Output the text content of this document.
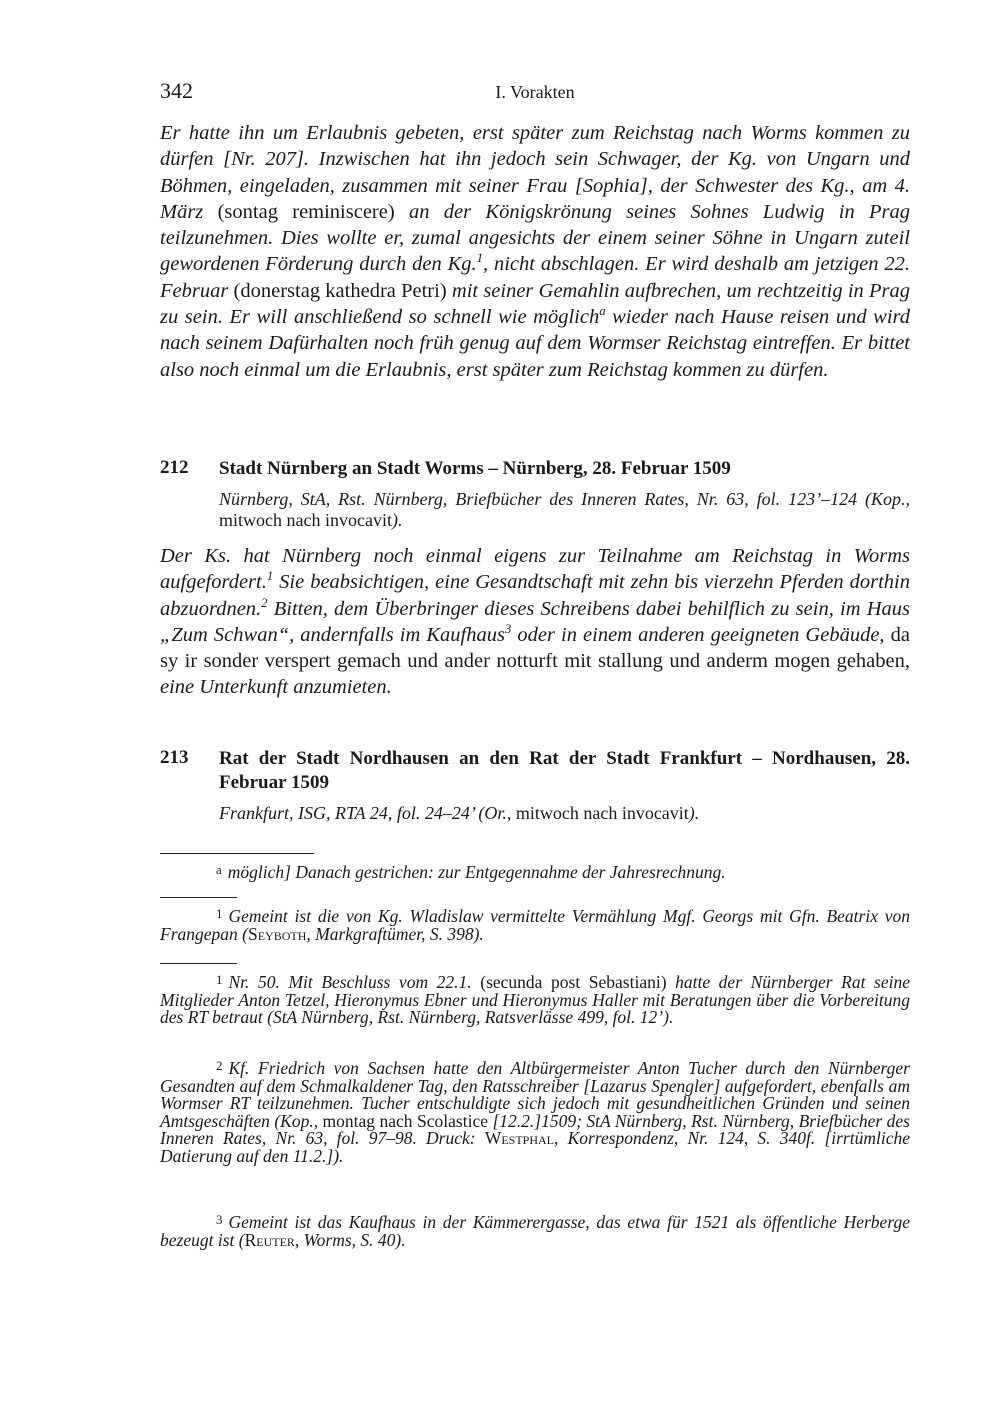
342	I. Vorakten

Er hatte ihn um Erlaubnis gebeten, erst später zum Reichstag nach Worms kommen zu dürfen [Nr. 207]. Inzwischen hat ihn jedoch sein Schwager, der Kg. von Ungarn und Böhmen, eingeladen, zusammen mit seiner Frau [Sophia], der Schwester des Kg., am 4. März (sontag reminiscere) an der Königskrönung seines Sohnes Ludwig in Prag teilzunehmen. Dies wollte er, zumal angesichts der einem seiner Söhne in Ungarn zuteil gewordenen Förderung durch den Kg.$^1$, nicht abschlagen. Er wird deshalb am jetzigen 22. Februar (donerstag kathedra Petri) mit seiner Gemahlin aufbrechen, um rechtzeitig in Prag zu sein. Er will anschließend so schnell wie möglich$^a$ wieder nach Hause reisen und wird nach seinem Dafürhalten noch früh genug auf dem Wormser Reichstag eintreffen. Er bittet also noch einmal um die Erlaubnis, erst später zum Reichstag kommen zu dürfen.

212 Stadt Nürnberg an Stadt Worms – Nürnberg, 28. Februar 1509
Nürnberg, StA, Rst. Nürnberg, Briefbücher des Inneren Rates, Nr. 63, fol. 123’–124 (Kop., mitwoch nach invocavit).

Der Ks. hat Nürnberg noch einmal eigens zur Teilnahme am Reichstag in Worms aufgefordert.$^1$ Sie beabsichtigen, eine Gesandtschaft mit zehn bis vierzehn Pferden dorthin abzuordnen.$^2$ Bitten, dem Überbringer dieses Schreibens dabei behilflich zu sein, im Haus „Zum Schwan“, andernfalls im Kaufhaus$^3$ oder in einem anderen geeigneten Gebäude, da sy ir sonder verspert gemach und ander notturft mit stallung und anderm mogen gehaben, eine Unterkunft anzumieten.

213 Rat der Stadt Nordhausen an den Rat der Stadt Frankfurt – Nordhausen, 28. Februar 1509
Frankfurt, ISG, RTA 24, fol. 24–24’ (Or., mitwoch nach invocavit).

a möglich] Danach gestrichen: zur Entgegennahme der Jahresrechnung.

1 Gemeint ist die von Kg. Wladislaw vermittelte Vermählung Mgf. Georgs mit Gfn. Beatrix von Frangepan (Seyboth, Markgraftümer, S. 398).

1 Nr. 50. Mit Beschluss vom 22.1. (secunda post Sebastiani) hatte der Nürnberger Rat seine Mitglieder Anton Tetzel, Hieronymus Ebner und Hieronymus Haller mit Beratungen über die Vorbereitung des RT betraut (StA Nürnberg, Rst. Nürnberg, Ratsverlässe 499, fol. 12’).

2 Kf. Friedrich von Sachsen hatte den Altbürgermeister Anton Tucher durch den Nürnberger Gesandten auf dem Schmalkaldener Tag, den Ratsschreiber [Lazarus Spengler] aufgefordert, ebenfalls am Wormser RT teilzunehmen. Tucher entschuldigte sich jedoch mit gesundheitlichen Gründen und seinen Amtsgeschäften (Kop., montag nach Scolastice [12.2.]1509; StA Nürnberg, Rst. Nürnberg, Briefbücher des Inneren Rates, Nr. 63, fol. 97–98. Druck: Westphal, Korrespondenz, Nr. 124, S. 340f. [irrtümliche Datierung auf den 11.2.]).

3 Gemeint ist das Kaufhaus in der Kämmerergasse, das etwa für 1521 als öffentliche Herberge bezeugt ist (Reuter, Worms, S. 40).
